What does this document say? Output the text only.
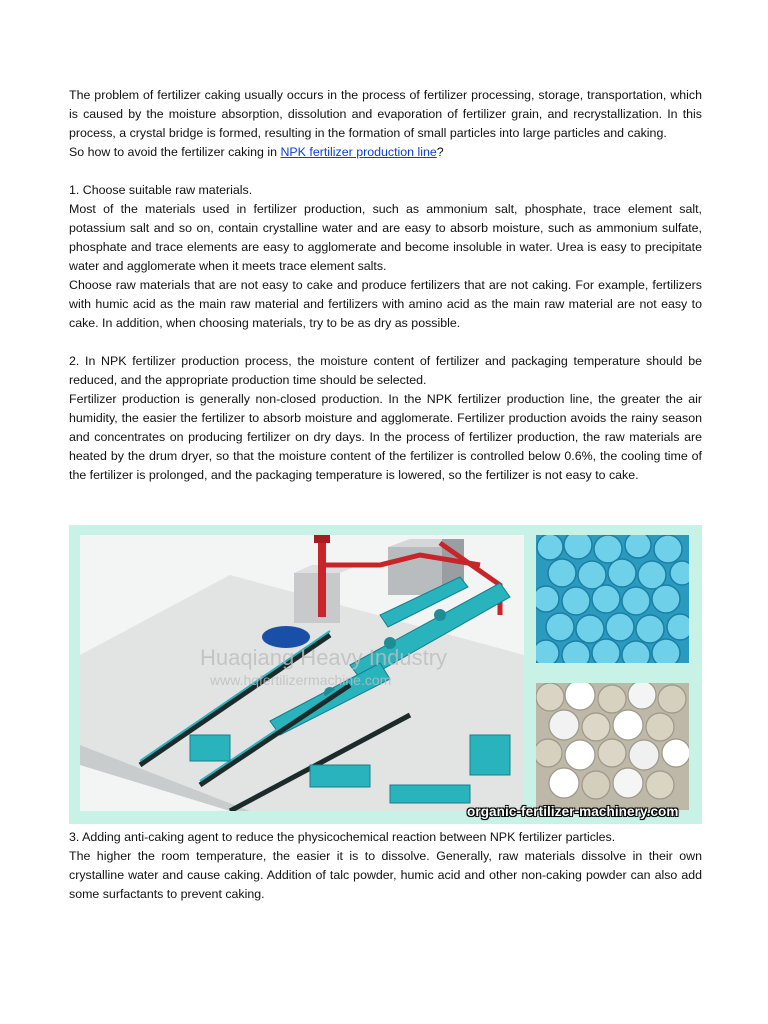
The problem of fertilizer caking usually occurs in the process of fertilizer processing, storage, transportation, which is caused by the moisture absorption, dissolution and evaporation of fertilizer grain, and recrystallization. In this process, a crystal bridge is formed, resulting in the formation of small particles into large particles and caking.

So how to avoid the fertilizer caking in NPK fertilizer production line?

1. Choose suitable raw materials.

Most of the materials used in fertilizer production, such as ammonium salt, phosphate, trace element salt, potassium salt and so on, contain crystalline water and are easy to absorb moisture, such as ammonium sulfate, phosphate and trace elements are easy to agglomerate and become insoluble in water. Urea is easy to precipitate water and agglomerate when it meets trace element salts.

Choose raw materials that are not easy to cake and produce fertilizers that are not caking. For example, fertilizers with humic acid as the main raw material and fertilizers with amino acid as the main raw material are not easy to cake. In addition, when choosing materials, try to be as dry as possible.

2. In NPK fertilizer production process, the moisture content of fertilizer and packaging temperature should be reduced, and the appropriate production time should be selected.

Fertilizer production is generally non-closed production. In the NPK fertilizer production line, the greater the air humidity, the easier the fertilizer to absorb moisture and agglomerate. Fertilizer production avoids the rainy season and concentrates on producing fertilizer on dry days. In the process of fertilizer production, the raw materials are heated by the drum dryer, so that the moisture content of the fertilizer is controlled below 0.6%, the cooling time of the fertilizer is prolonged, and the packaging temperature is lowered, so the fertilizer is not easy to cake.

Huaqiang Heavy Industry
www.hqfertilizermachine.com
organic-fertilizer-machinery.com

3. Adding anti-caking agent to reduce the physicochemical reaction between NPK fertilizer particles.

The higher the room temperature, the easier it is to dissolve. Generally, raw materials dissolve in their own crystalline water and cause caking. Addition of talc powder, humic acid and other non-caking powder can also add some surfactants to prevent caking.
